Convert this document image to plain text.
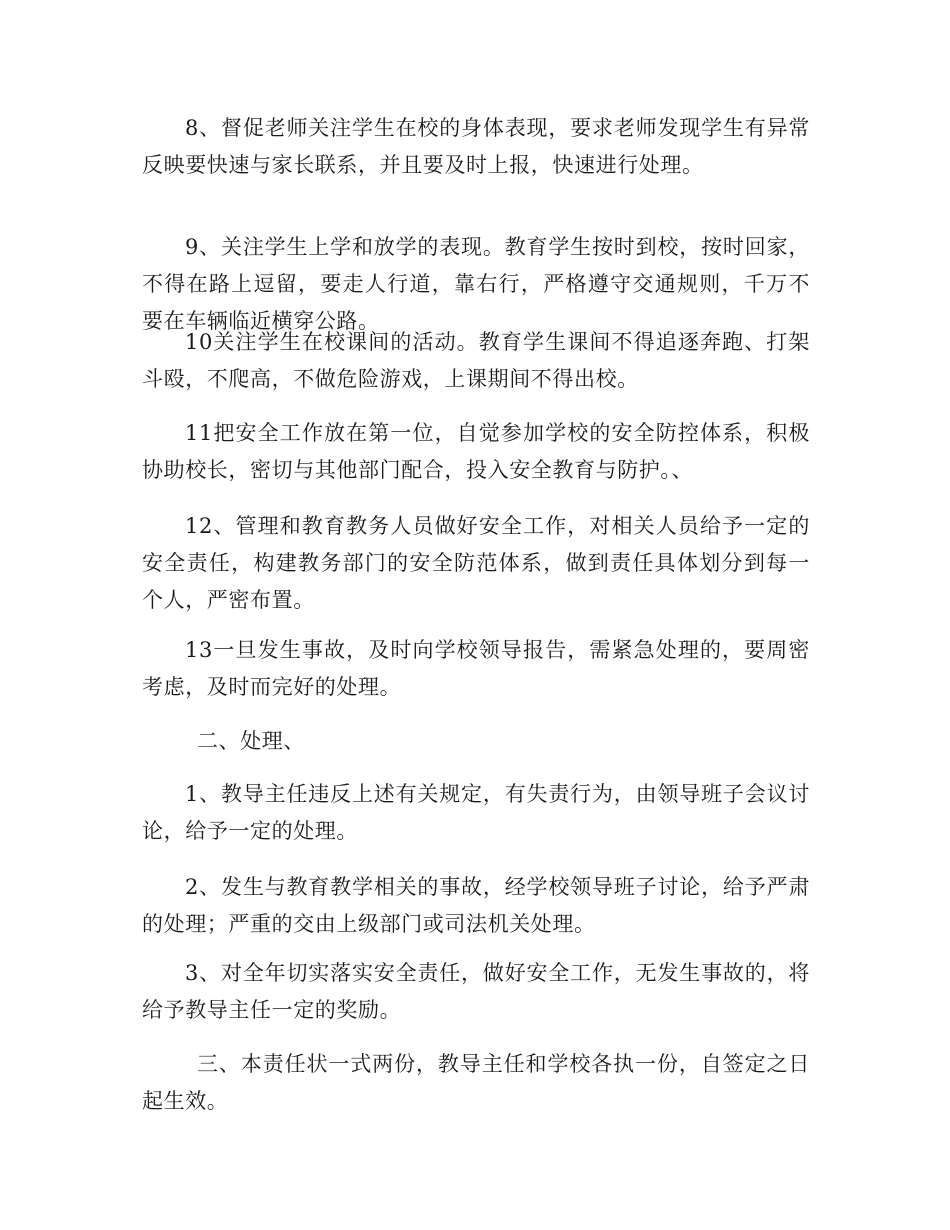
8、督促老师关注学生在校的身体表现，要求老师发现学生有异常反映要快速与家长联系，并且要及时上报，快速进行处理。

9、关注学生上学和放学的表现。教育学生按时到校，按时回家，不得在路上逗留，要走人行道，靠右行，严格遵守交通规则，千万不要在车辆临近横穿公路。

10关注学生在校课间的活动。教育学生课间不得追逐奔跑、打架斗殴，不爬高，不做危险游戏，上课期间不得出校。

11把安全工作放在第一位，自觉参加学校的安全防控体系，积极协助校长，密切与其他部门配合，投入安全教育与防护。、

12、管理和教育教务人员做好安全工作，对相关人员给予一定的安全责任，构建教务部门的安全防范体系，做到责任具体划分到每一个人，严密布置。

13一旦发生事故，及时向学校领导报告，需紧急处理的，要周密考虑，及时而完好的处理。

二、处理、

1、教导主任违反上述有关规定，有失责行为，由领导班子会议讨论，给予一定的处理。

2、发生与教育教学相关的事故，经学校领导班子讨论，给予严肃的处理；严重的交由上级部门或司法机关处理。

3、对全年切实落实安全责任，做好安全工作，无发生事故的，将给予教导主任一定的奖励。

三、本责任状一式两份，教导主任和学校各执一份，自签定之日起生效。
